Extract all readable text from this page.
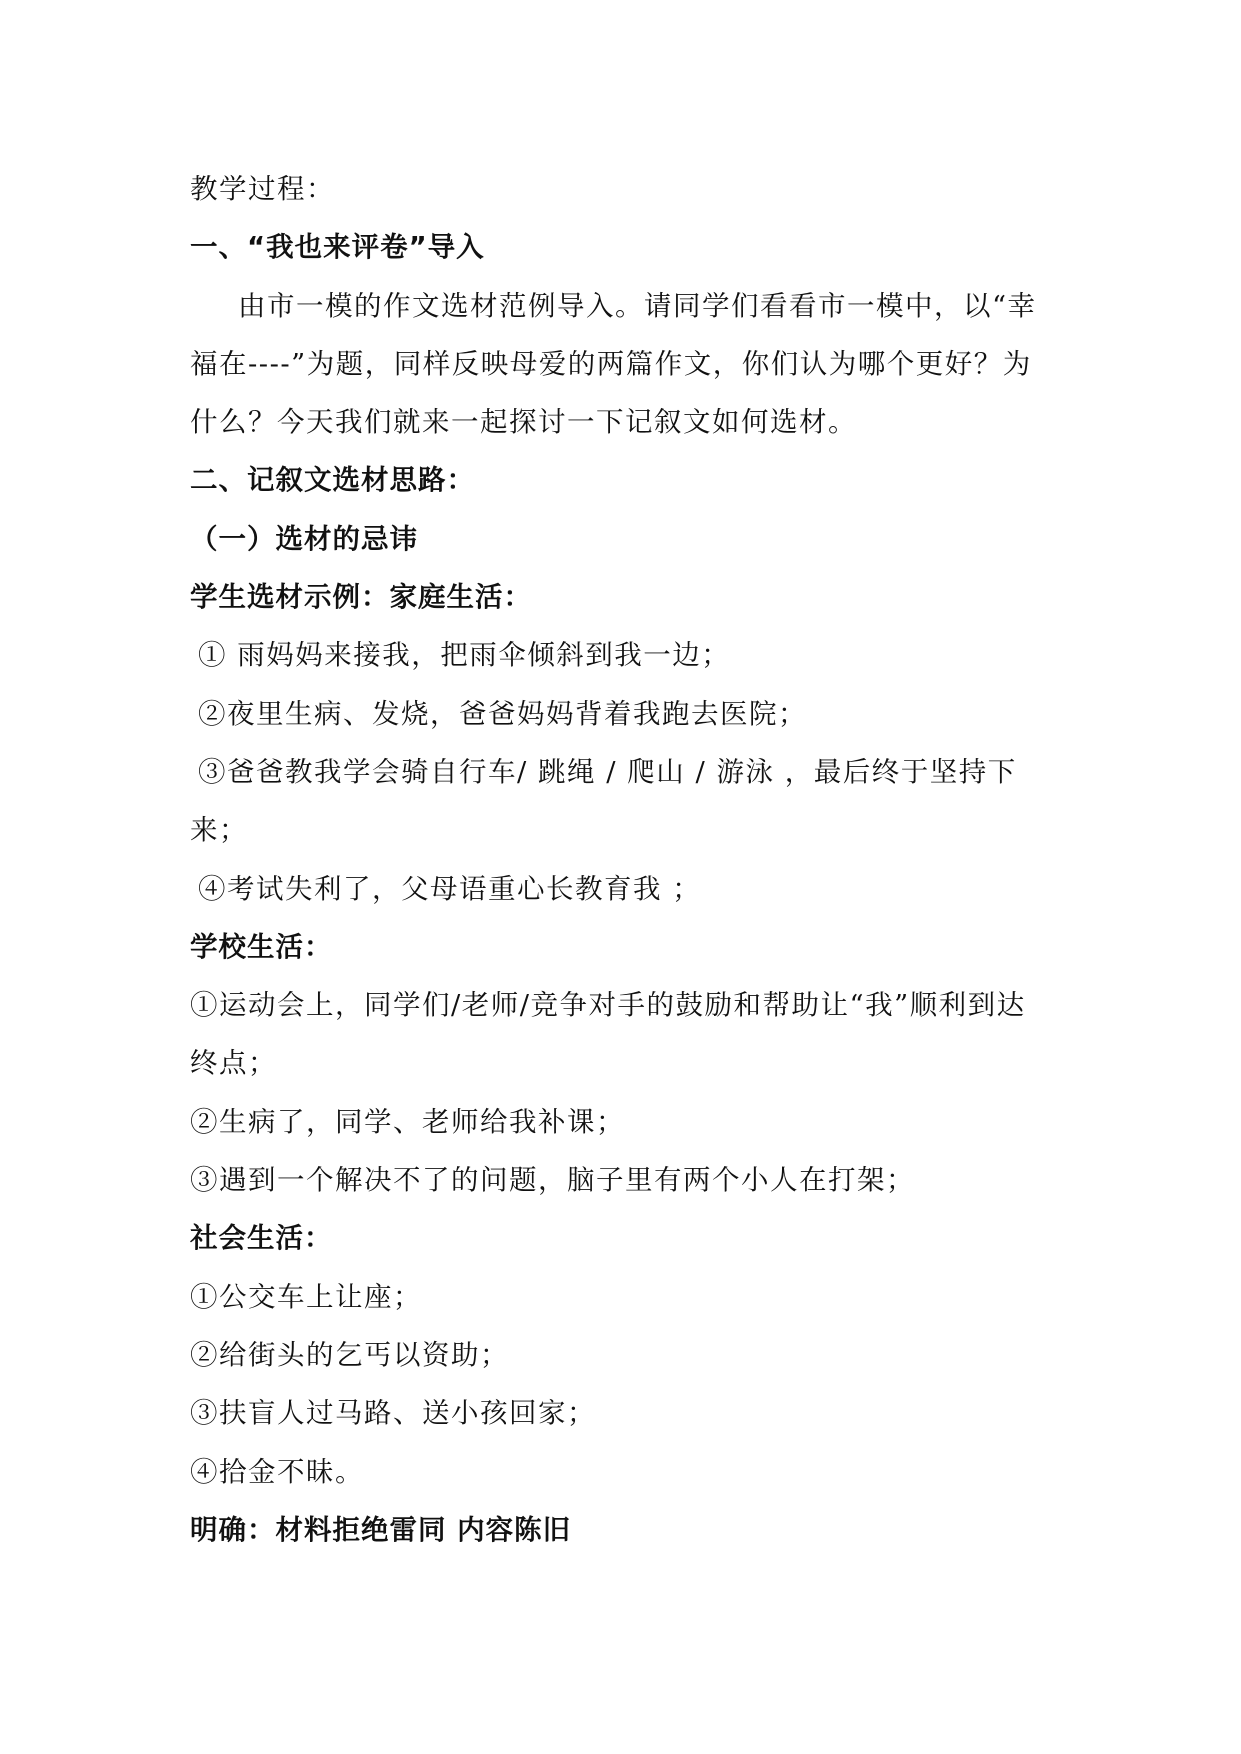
教学过程：
一、“我也来评卷”导入
由市一模的作文选材范例导入。请同学们看看市一模中，以“幸
福在----”为题，同样反映母爱的两篇作文，你们认为哪个更好？为
什么？今天我们就来一起探讨一下记叙文如何选材。
二、记叙文选材思路：
（一）选材的忌讳
学生选材示例：家庭生活：
① 雨妈妈来接我，把雨伞倾斜到我一边；
②夜里生病、发烧，爸爸妈妈背着我跑去医院；
③爸爸教我学会骑自行车/ 跳绳 / 爬山 / 游泳 ，最后终于坚持下
来；
④考试失利了，父母语重心长教育我 ；
学校生活：
①运动会上，同学们/老师/竞争对手的鼓励和帮助让“我”顺利到达
终点；
②生病了，同学、老师给我补课；
③遇到一个解决不了的问题，脑子里有两个小人在打架；
社会生活：
①公交车上让座；
②给街头的乞丐以资助；
③扶盲人过马路、送小孩回家；
④拾金不昧。
明确：材料拒绝雷同 内容陈旧
